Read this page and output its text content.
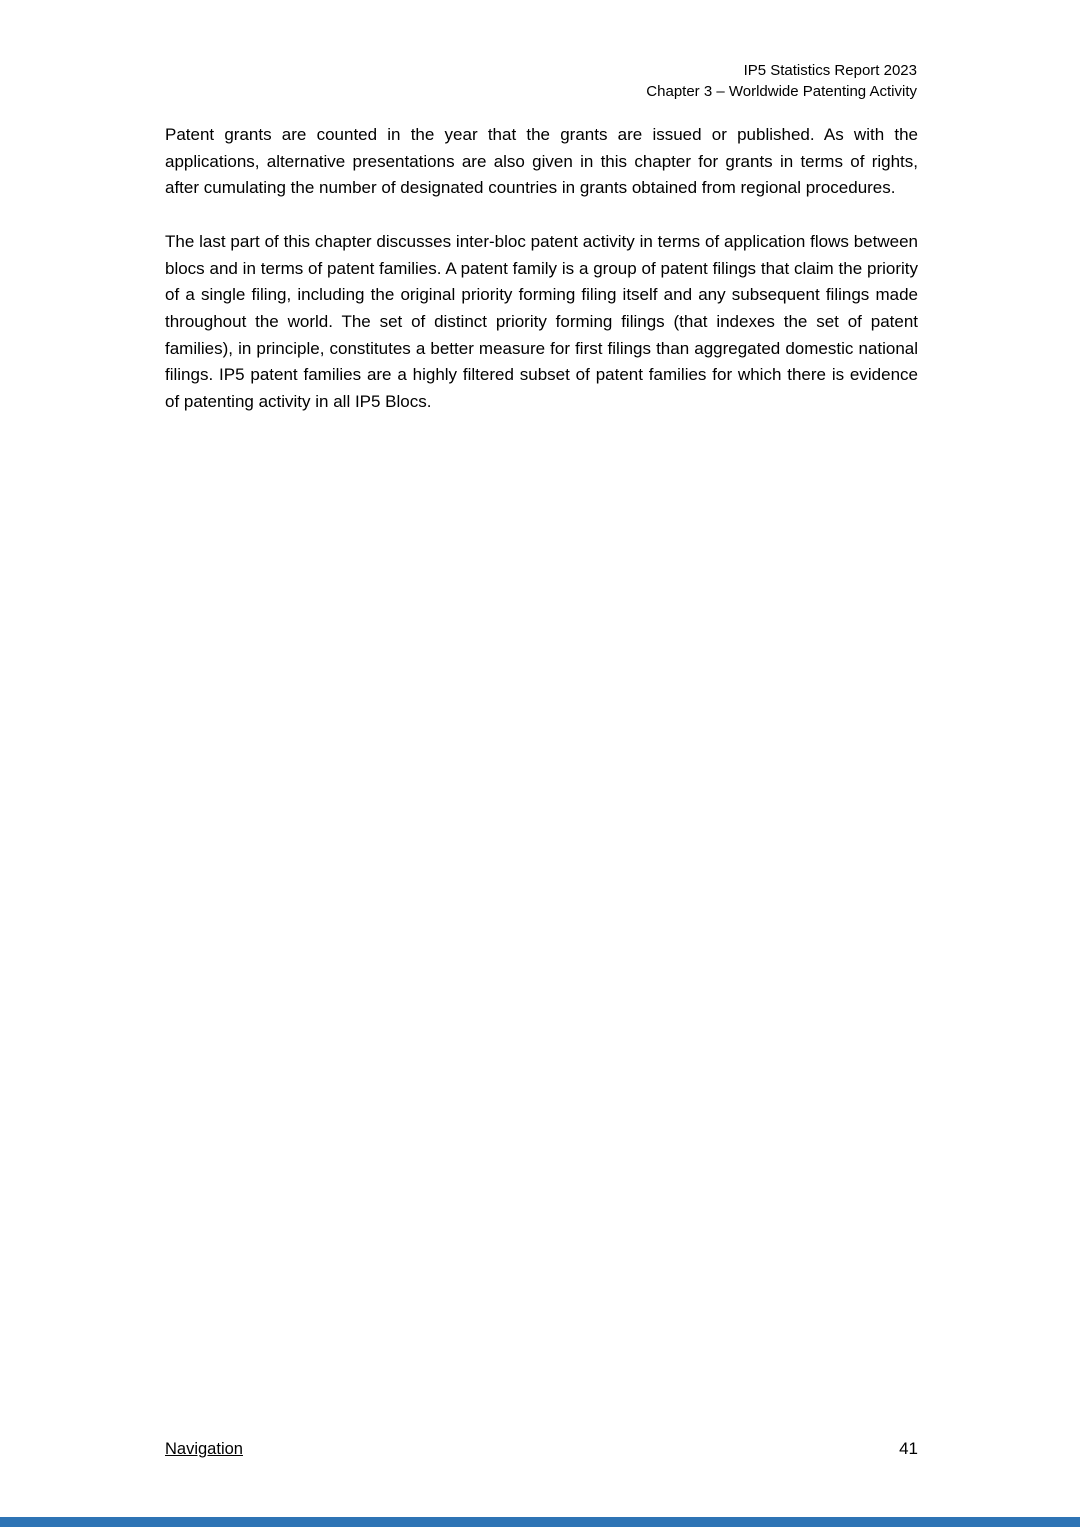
IP5 Statistics Report 2023
Chapter 3 – Worldwide Patenting Activity

Patent grants are counted in the year that the grants are issued or published. As with the applications, alternative presentations are also given in this chapter for grants in terms of rights, after cumulating the number of designated countries in grants obtained from regional procedures.

The last part of this chapter discusses inter-bloc patent activity in terms of application flows between blocs and in terms of patent families. A patent family is a group of patent filings that claim the priority of a single filing, including the original priority forming filing itself and any subsequent filings made throughout the world. The set of distinct priority forming filings (that indexes the set of patent families), in principle, constitutes a better measure for first filings than aggregated domestic national filings. IP5 patent families are a highly filtered subset of patent families for which there is evidence of patenting activity in all IP5 Blocs.

Navigation	41
